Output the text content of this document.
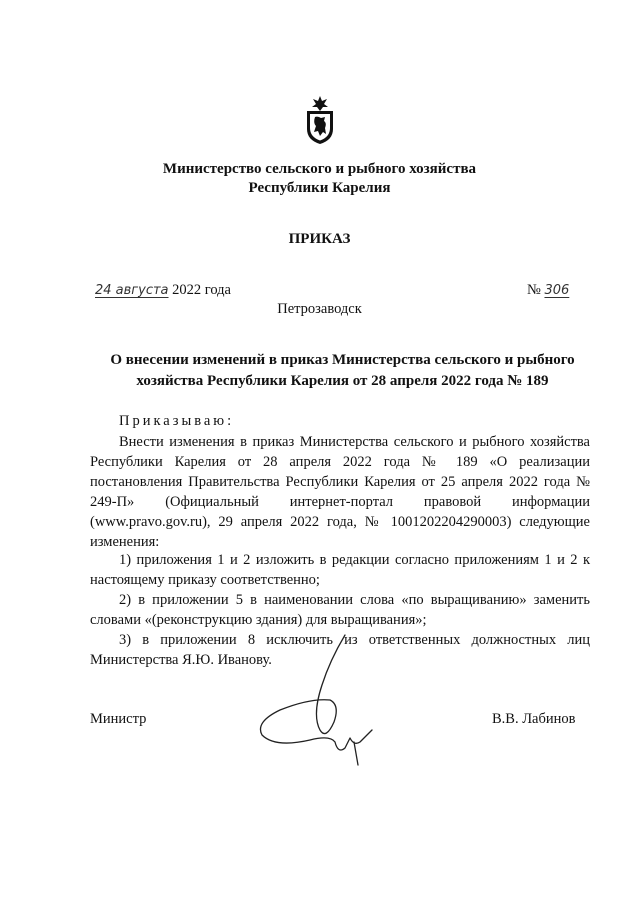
Министерство сельского и рыбного хозяйства
Республики Карелия
ПРИКАЗ
24 августа 2022 года	№ 306
Петрозаводск
О внесении изменений в приказ Министерства сельского и рыбного хозяйства Республики Карелия от 28 апреля 2022 года № 189
Приказываю:
Внести изменения в приказ Министерства сельского и рыбного хозяйства Республики Карелия от 28 апреля 2022 года № 189 «О реализации постановления Правительства Республики Карелия от 25 апреля 2022 года № 249-П» (Официальный интернет-портал правовой информации (www.pravo.gov.ru), 29 апреля 2022 года, № 1001202204290003) следующие изменения:
1) приложения 1 и 2 изложить в редакции согласно приложениям 1 и 2 к настоящему приказу соответственно;
2) в приложении 5 в наименовании слова «по выращиванию» заменить словами «(реконструкцию здания) для выращивания»;
3) в приложении 8 исключить из ответственных должностных лиц Министерства Я.Ю. Иванову.
Министр	В.В. Лабинов
